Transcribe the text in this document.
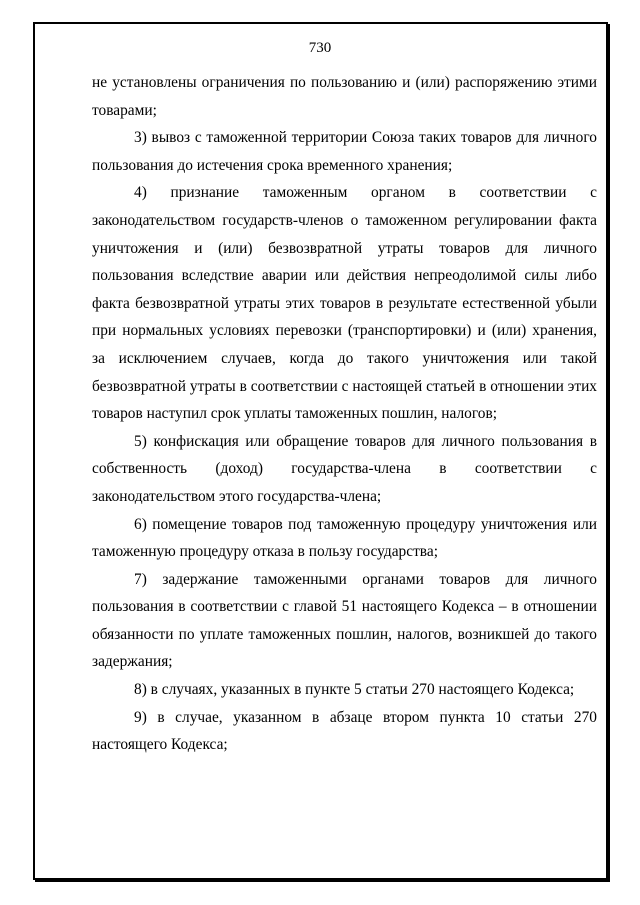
730

не установлены ограничения по пользованию и (или) распоряжению этими товарами;

3) вывоз с таможенной территории Союза таких товаров для личного пользования до истечения срока временного хранения;

4) признание таможенным органом в соответствии с законодательством государств-членов о таможенном регулировании факта уничтожения и (или) безвозвратной утраты товаров для личного пользования вследствие аварии или действия непреодолимой силы либо факта безвозвратной утраты этих товаров в результате естественной убыли при нормальных условиях перевозки (транспортировки) и (или) хранения, за исключением случаев, когда до такого уничтожения или такой безвозвратной утраты в соответствии с настоящей статьей в отношении этих товаров наступил срок уплаты таможенных пошлин, налогов;

5) конфискация или обращение товаров для личного пользования в собственность (доход) государства-члена в соответствии с законодательством этого государства-члена;

6) помещение товаров под таможенную процедуру уничтожения или таможенную процедуру отказа в пользу государства;

7) задержание таможенными органами товаров для личного пользования в соответствии с главой 51 настоящего Кодекса – в отношении обязанности по уплате таможенных пошлин, налогов, возникшей до такого задержания;

8) в случаях, указанных в пункте 5 статьи 270 настоящего Кодекса;

9) в случае, указанном в абзаце втором пункта 10 статьи 270 настоящего Кодекса;
